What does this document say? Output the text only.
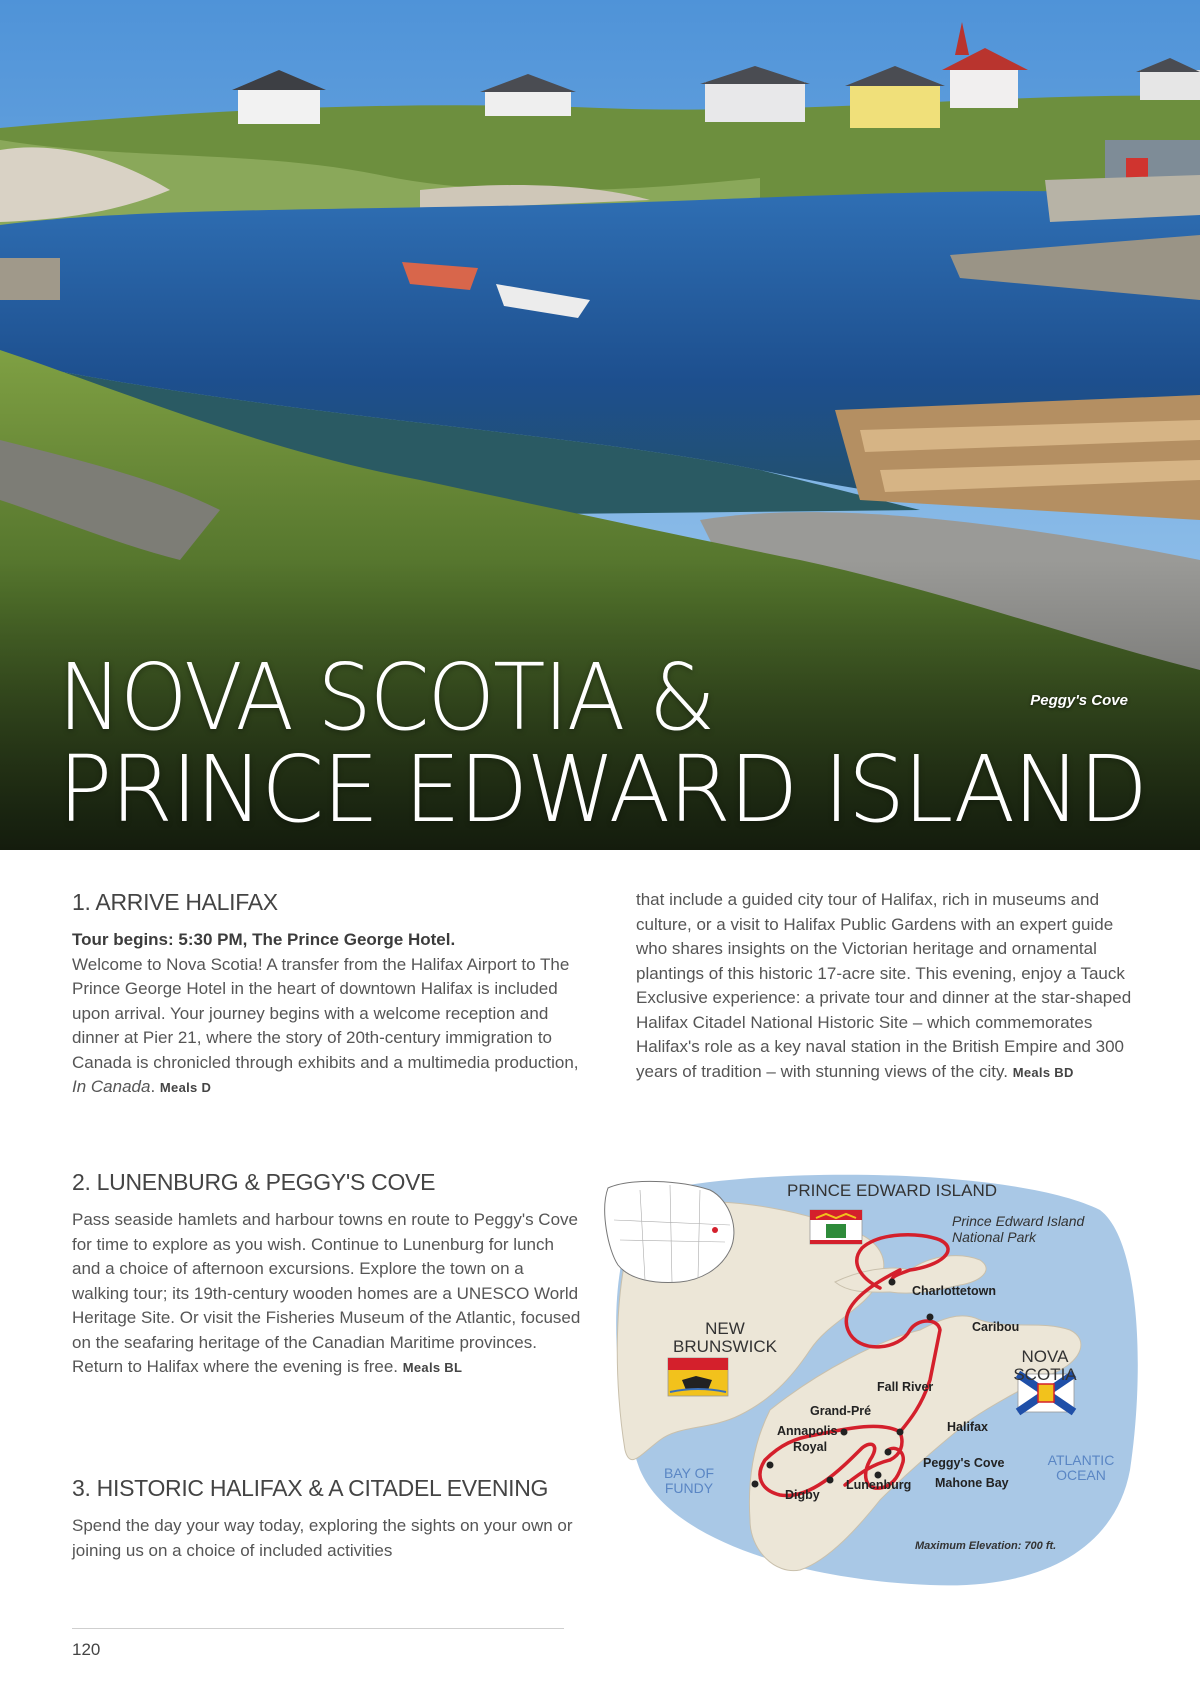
NOVA SCOTIA &
PRINCE EDWARD ISLAND
Peggy's Cove
1. ARRIVE HALIFAX

Tour begins: 5:30 PM, The Prince George Hotel.
Welcome to Nova Scotia! A transfer from the Halifax Airport to The Prince George Hotel in the heart of downtown Halifax is included upon arrival. Your journey begins with a welcome reception and dinner at Pier 21, where the story of 20th-century immigration to Canada is chronicled through exhibits and a multimedia production, In Canada. Meals D

2. LUNENBURG & PEGGY'S COVE

Pass seaside hamlets and harbour towns en route to Peggy's Cove for time to explore as you wish. Continue to Lunenburg for lunch and a choice of afternoon excursions. Explore the town on a walking tour; its 19th-century wooden homes are a UNESCO World Heritage Site. Or visit the Fisheries Museum of the Atlantic, focused on the seafaring heritage of the Canadian Maritime provinces. Return to Halifax where the evening is free. Meals BL

3. HISTORIC HALIFAX & A CITADEL EVENING

Spend the day your way today, exploring the sights on your own or joining us on a choice of included activities

that include a guided city tour of Halifax, rich in museums and culture, or a visit to Halifax Public Gardens with an expert guide who shares insights on the Victorian heritage and ornamental plantings of this historic 17-acre site. This evening, enjoy a Tauck Exclusive experience: a private tour and dinner at the star-shaped Halifax Citadel National Historic Site – which commemorates Halifax's role as a key naval station in the British Empire and 300 years of tradition – with stunning views of the city. Meals BD

PRINCE EDWARD ISLAND
Prince Edward Island
National Park
NEW
BRUNSWICK
NOVA
SCOTIA
BAY OF
FUNDY
ATLANTIC
OCEAN
Charlottetown
Caribou
Fall River
Grand-Pré
Annapolis
Royal
Halifax
Peggy's Cove
Mahone Bay
Lunenburg
Digby
Maximum Elevation: 700 ft.
120
